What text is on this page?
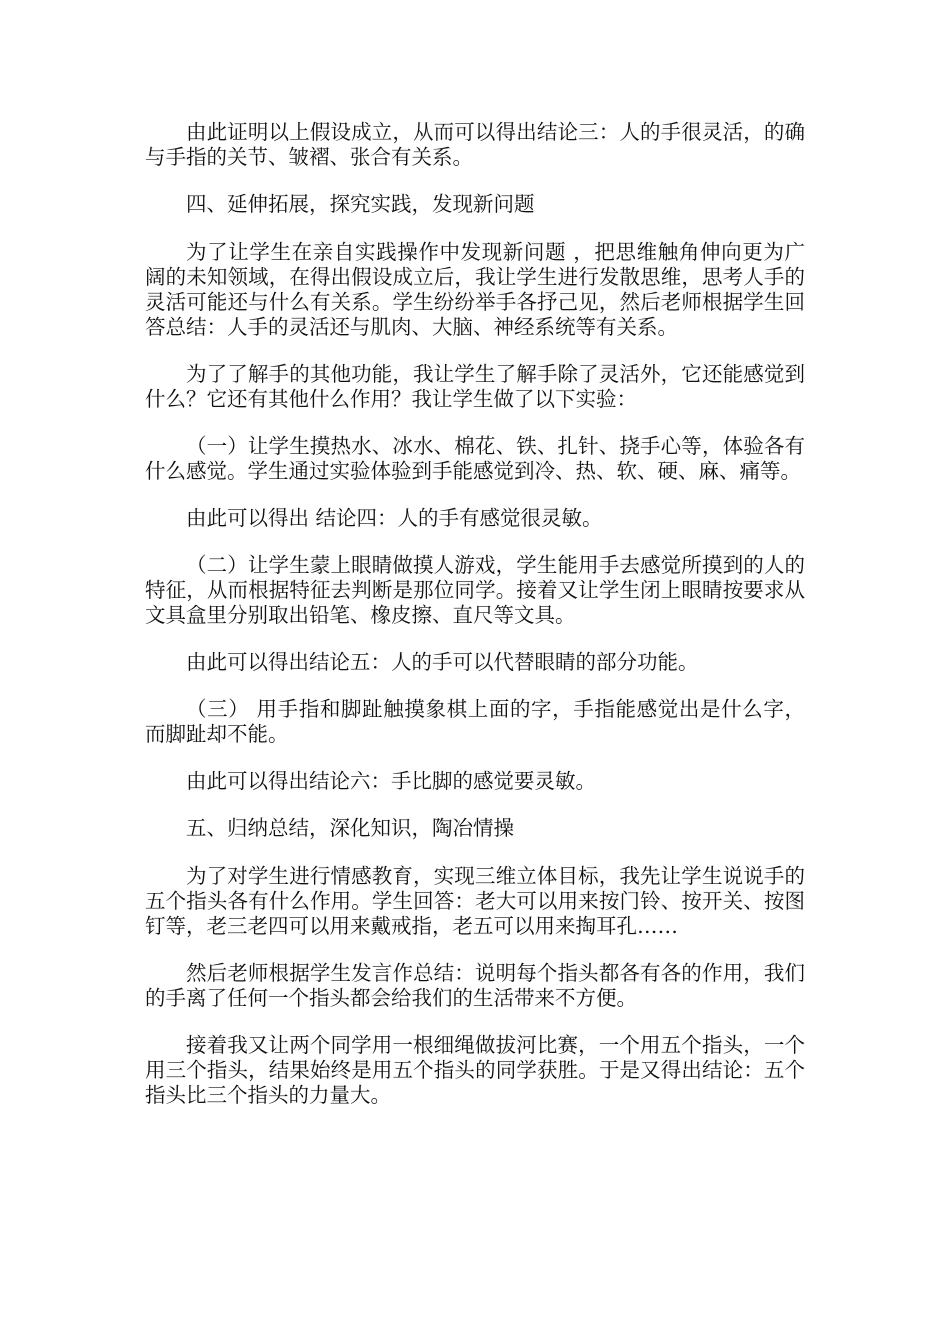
由此证明以上假设成立，从而可以得出结论三：人的手很灵活，的确与手指的关节、皱褶、张合有关系。

四、延伸拓展，探究实践，发现新问题

为了让学生在亲自实践操作中发现新问题 ，把思维触角伸向更为广阔的未知领域，在得出假设成立后，我让学生进行发散思维，思考人手的灵活可能还与什么有关系。学生纷纷举手各抒己见，然后老师根据学生回答总结：人手的灵活还与肌肉、大脑、神经系统等有关系。

为了了解手的其他功能，我让学生了解手除了灵活外，它还能感觉到什么？它还有其他什么作用？我让学生做了以下实验：

（一）让学生摸热水、冰水、棉花、铁、扎针、挠手心等，体验各有什么感觉。学生通过实验体验到手能感觉到冷、热、软、硬、麻、痛等。

由此可以得出 结论四：人的手有感觉很灵敏。

（二）让学生蒙上眼睛做摸人游戏，学生能用手去感觉所摸到的人的特征，从而根据特征去判断是那位同学。接着又让学生闭上眼睛按要求从文具盒里分别取出铅笔、橡皮擦、直尺等文具。

由此可以得出结论五：人的手可以代替眼睛的部分功能。

（三） 用手指和脚趾触摸象棋上面的字，手指能感觉出是什么字，而脚趾却不能。

由此可以得出结论六：手比脚的感觉要灵敏。

五、归纳总结，深化知识，陶冶情操

为了对学生进行情感教育，实现三维立体目标，我先让学生说说手的五个指头各有什么作用。学生回答：老大可以用来按门铃、按开关、按图钉等，老三老四可以用来戴戒指，老五可以用来掏耳孔……

然后老师根据学生发言作总结：说明每个指头都各有各的作用，我们的手离了任何一个指头都会给我们的生活带来不方便。

接着我又让两个同学用一根细绳做拔河比赛，一个用五个指头，一个用三个指头，结果始终是用五个指头的同学获胜。于是又得出结论：五个指头比三个指头的力量大。
